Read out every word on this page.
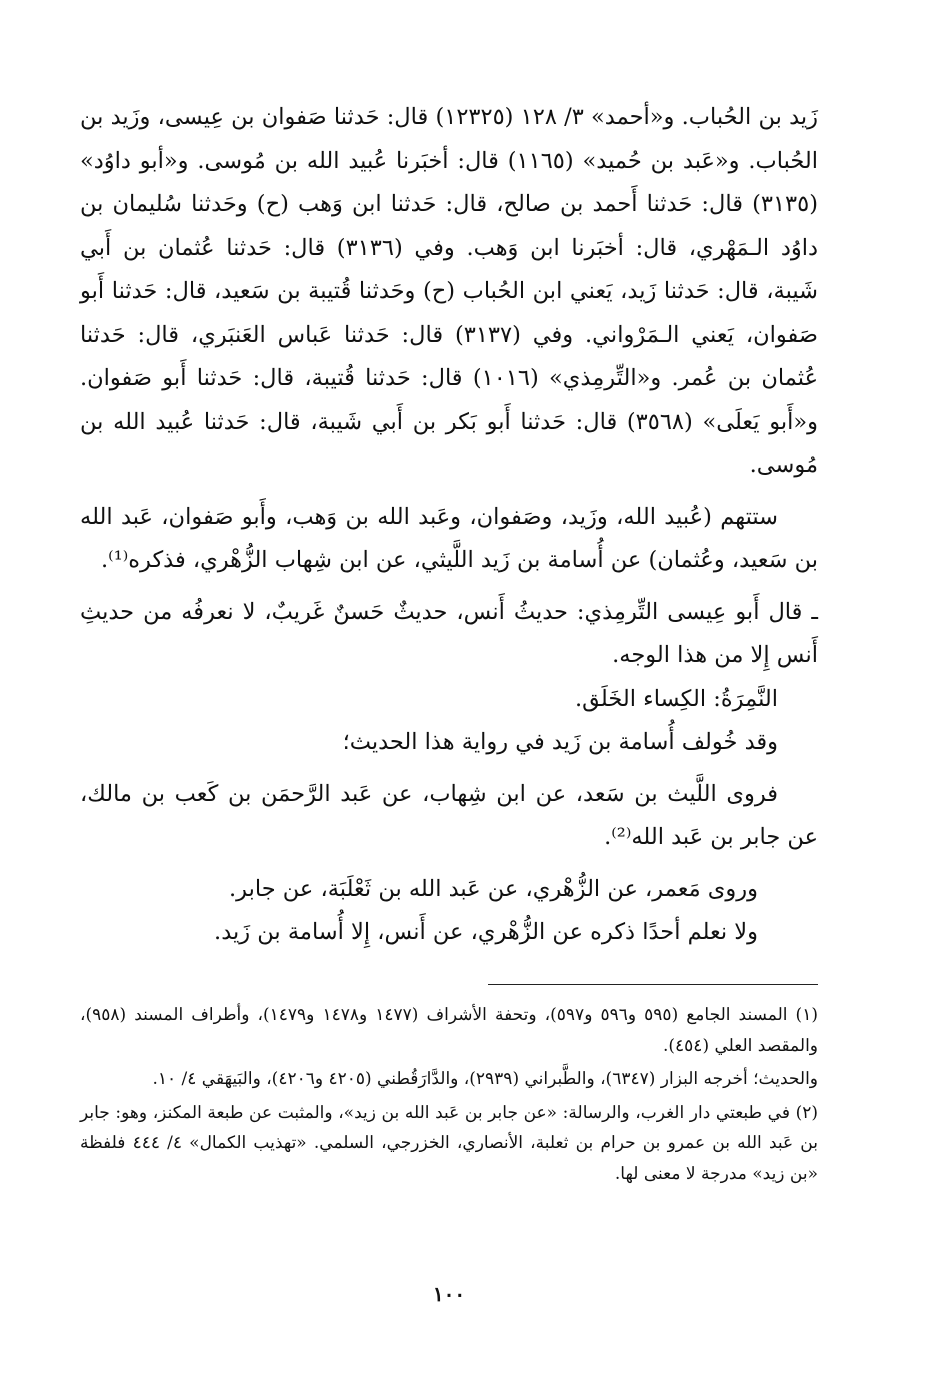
زَيد بن الحُباب. و«أحمد» ٣/ ١٢٨ (١٢٣٢٥) قال: حَدثنا صَفوان بن عِيسى، وزَيد بن الحُباب. و«عَبد بن حُميد» (١١٦٥) قال: أخبَرنا عُبيد الله بن مُوسى. و«أبو داوُد» (٣١٣٥) قال: حَدثنا أَحمد بن صالح، قال: حَدثنا ابن وَهب (ح) وحَدثنا سُليمان بن داوُد الـمَهْري، قال: أخبَرنا ابن وَهب. وفي (٣١٣٦) قال: حَدثنا عُثمان بن أَبي شَيبة، قال: حَدثنا زَيد، يَعني ابن الحُباب (ح) وحَدثنا قُتيبة بن سَعيد، قال: حَدثنا أَبو صَفوان، يَعني الـمَرْواني. وفي (٣١٣٧) قال: حَدثنا عَباس العَنبَري، قال: حَدثنا عُثمان بن عُمر. و«التِّرمِذي» (١٠١٦) قال: حَدثنا قُتيبة، قال: حَدثنا أَبو صَفوان. و«أَبو يَعلَى» (٣٥٦٨) قال: حَدثنا أَبو بَكر بن أَبي شَيبة، قال: حَدثنا عُبيد الله بن مُوسى.

ستتهم (عُبيد الله، وزَيد، وصَفوان، وعَبد الله بن وَهب، وأَبو صَفوان، عَبد الله بن سَعيد، وعُثمان) عن أُسامة بن زَيد اللَّيثي، عن ابن شِهاب الزُّهْري، فذكره⁽¹⁾.

ـ قال أَبو عِيسى التِّرمِذي: حديثُ أَنس، حديثٌ حَسنٌ غَريبٌ، لا نعرفُه من حديثِ أَنس إِلا من هذا الوجه.

النَّمِرَةُ: الكِساء الخَلَق.

وقد خُولف أُسامة بن زَيد في رواية هذا الحديث؛

فروى اللَّيث بن سَعد، عن ابن شِهاب، عن عَبد الرَّحمَن بن كَعب بن مالك، عن جابر بن عَبد الله⁽²⁾.

وروى مَعمر، عن الزُّهْري، عن عَبد الله بن ثَعْلَبَة، عن جابر.

ولا نعلم أحدًا ذكره عن الزُّهْري، عن أَنس، إِلا أُسامة بن زَيد.

(١) المسند الجامع (٥٩٥ و٥٩٦ و٥٩٧)، وتحفة الأشراف (١٤٧٧ و١٤٧٨ و١٤٧٩)، وأطراف المسند (٩٥٨)، والمقصد العلي (٤٥٤).

والحديث؛ أخرجه البزار (٦٣٤٧)، والطَّبراني (٢٩٣٩)، والدَّارَقُطني (٤٢٠٥ و٤٢٠٦)، والبَيهَقي ٤/ ١٠.

(٢) في طبعتي دار الغرب، والرسالة: «عن جابر بن عَبد الله بن زيد»، والمثبت عن طبعة المكنز، وهو: جابر بن عَبد الله بن عمرو بن حرام بن ثعلبة، الأنصاري، الخزرجي، السلمي. «تهذيب الكمال» ٤/ ٤٤٤ فلفظة «بن زيد» مدرجة لا معنى لها.

١٠٠
